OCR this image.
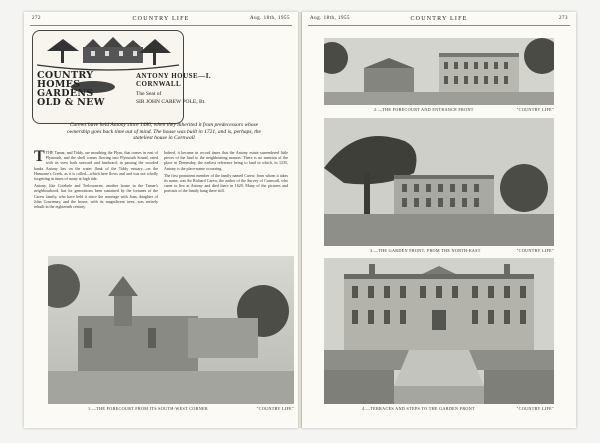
272	COUNTRY LIFE	Aug. 18th, 1955
COUNTRY
HOMES
GARDENS
OLD & NEW
ANTONY HOUSE—I.
CORNWALL
The Seat of
SIR JOHN CAREW POLE, Bt.
Carews have held Antony since 1480, when they inherited it from predecessors whose ownership goes back time out of mind. The house was built in 1721, and is, perhaps, the stateliest house in Cornwall

TTHE Tamar, and Tiddy, are mouthing the Plym, that comes in east of Plymouth, and the shelf comes flowing into Plymouth Sound, rated with its view both seaward and landward; in passing the wooded banks Antony lies on the water flank of the Tiddy estuary—on the Hamoaze's Creek, as it is called—which here flows and and was not wholly forgetting in times of many at high tide.

Antony, like Cotehele and Trelowarren, another house in the Tamar's neighbourhood, has for generations been sustained by the fortunes of the Carew family, who have held it since the marriage with Joan, daughter of John Courtenay, and the house, with its magnificent trees, was entirely rebuilt in the eighteenth century.

Indeed, it became in record times that the Antony estate surrendered little pieces of the land to the neighbouring manors. There is no mention of the place in Domesday, the earliest reference being to land in which, in 1235, Antony is the place-name occurring.

The first prominent member of the family named Carew, from whom it takes its name, was Sir Richard Carew, the author of the Survey of Cornwall, who came to live at Antony and died there in 1620. Many of the pictures and portraits of the family hang there still.

1.—THE FORECOURT FROM ITS SOUTH-WEST CORNER	"COUNTRY LIFE"
Aug. 18th, 1955	COUNTRY LIFE	273
2.—THE FORECOURT AND ENTRANCE FRONT	"COUNTRY LIFE"
3.—THE GARDEN FRONT, FROM THE NORTH-EAST	"COUNTRY LIFE"
4.—TERRACES AND STEPS TO THE GARDEN FRONT	"COUNTRY LIFE"
